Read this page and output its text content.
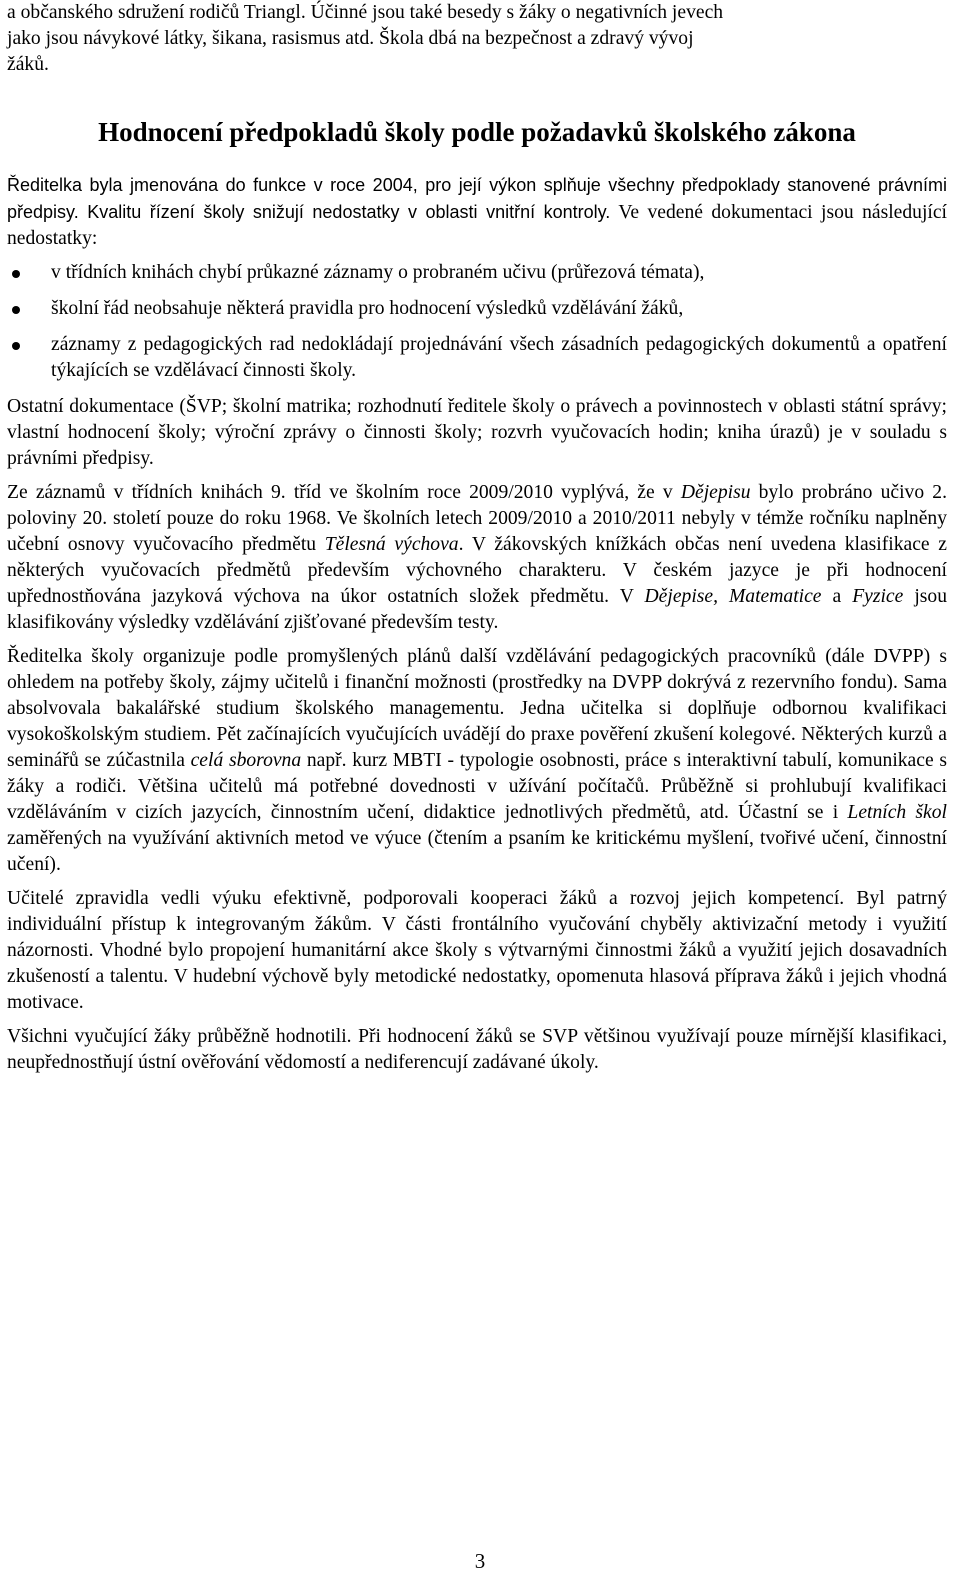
a občanského sdružení rodičů Triangl. Účinné jsou také besedy s žáky o negativních jevech
jako jsou návykové látky, šikana, rasismus atd. Škola dbá na bezpečnost a zdravý vývoj
žáků.

Hodnocení předpokladů školy podle požadavků školského zákona

Ředitelka byla jmenována do funkce v roce 2004, pro její výkon splňuje všechny předpoklady stanovené právními předpisy. Kvalitu řízení školy snižují nedostatky v oblasti vnitřní kontroly. Ve vedené dokumentaci jsou následující nedostatky:

v třídních knihách chybí průkazné záznamy o probraném učivu (průřezová témata),
školní řád neobsahuje některá pravidla pro hodnocení výsledků vzdělávání žáků,
záznamy z pedagogických rad nedokládají projednávání všech zásadních pedagogických dokumentů a opatření týkajících se vzdělávací činnosti školy.

Ostatní dokumentace (ŠVP; školní matrika; rozhodnutí ředitele školy o právech a povinnostech v oblasti státní správy; vlastní hodnocení školy; výroční zprávy o činnosti školy; rozvrh vyučovacích hodin; kniha úrazů) je v souladu s právními předpisy.

Ze záznamů v třídních knihách 9. tříd ve školním roce 2009/2010 vyplývá, že v Dějepisu bylo probráno učivo 2. poloviny 20. století pouze do roku 1968. Ve školních letech 2009/2010 a 2010/2011 nebyly v témže ročníku naplněny učební osnovy vyučovacího předmětu Tělesná výchova. V žákovských knížkách občas není uvedena klasifikace z některých vyučovacích předmětů především výchovného charakteru. V českém jazyce je při hodnocení upřednostňována jazyková výchova na úkor ostatních složek předmětu. V Dějepise, Matematice a Fyzice jsou klasifikovány výsledky vzdělávání zjišťované především testy.

Ředitelka školy organizuje podle promyšlených plánů další vzdělávání pedagogických pracovníků (dále DVPP) s ohledem na potřeby školy, zájmy učitelů i finanční možnosti (prostředky na DVPP dokrývá z rezervního fondu). Sama absolvovala bakalářské studium školského managementu. Jedna učitelka si doplňuje odbornou kvalifikaci vysokoškolským studiem. Pět začínajících vyučujících uvádějí do praxe pověření zkušení kolegové. Některých kurzů a seminářů se zúčastnila celá sborovna např. kurz MBTI - typologie osobnosti, práce s interaktivní tabulí, komunikace s žáky a rodiči. Většina učitelů má potřebné dovednosti v užívání počítačů. Průběžně si prohlubují kvalifikaci vzděláváním v cizích jazycích, činnostním učení, didaktice jednotlivých předmětů, atd. Účastní se i Letních škol zaměřených na využívání aktivních metod ve výuce (čtením a psaním ke kritickému myšlení, tvořivé učení, činnostní učení).

Učitelé zpravidla vedli výuku efektivně, podporovali kooperaci žáků a rozvoj jejich kompetencí. Byl patrný individuální přístup k integrovaným žákům. V části frontálního vyučování chyběly aktivizační metody i využití názornosti. Vhodné bylo propojení humanitární akce školy s výtvarnými činnostmi žáků a využití jejich dosavadních zkušeností a talentu. V hudební výchově byly metodické nedostatky, opomenuta hlasová příprava žáků i jejich vhodná motivace.

Všichni vyučující žáky průběžně hodnotili. Při hodnocení žáků se SVP většinou využívají pouze mírnější klasifikaci, neupřednostňují ústní ověřování vědomostí a nediferencují zadávané úkoly.

3
